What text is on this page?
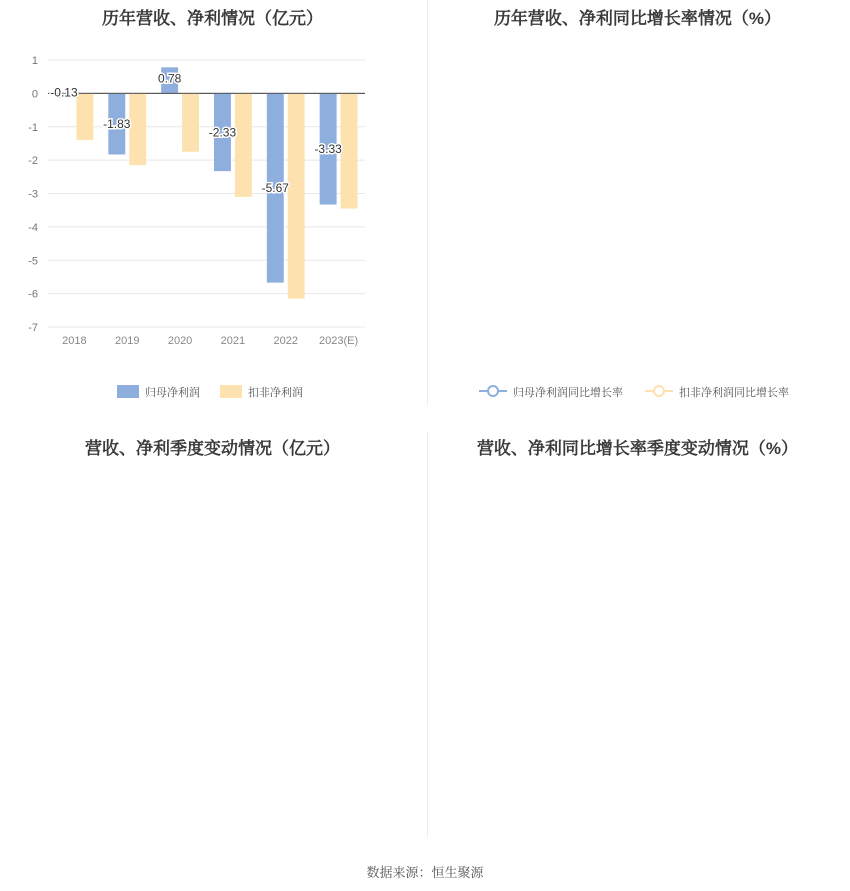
历年营收、净利情况（亿元）
1
0
-1
-2
-3
-4
-5
-6
-7
-0.13
-1.83
0.78
-2.33
-5.67
-3.33
2018	2019	2020	2021	2022 2023(E)
归母净利润	扣非净利润
历年营收、净利同比增长率情况（%）
归母净利润同比增长率	扣非净利润同比增长率
营收、净利季度变动情况（亿元）	营收、净利同比增长率季度变动情况（%）
数据来源：恒生聚源
